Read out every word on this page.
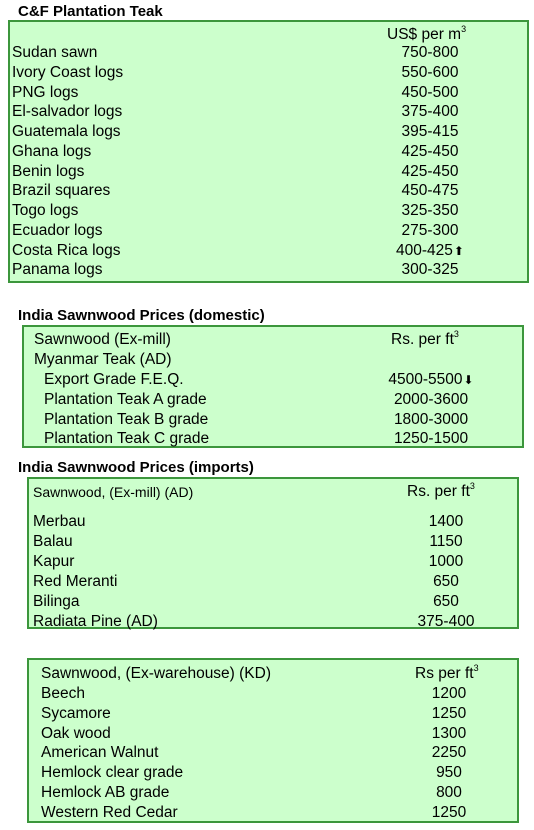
C&F Plantation Teak
US$ per $m^3$
Sudan sawn	750-800
Ivory Coast logs	550-600
PNG logs	450-500
El-salvador logs	375-400
Guatemala logs	395-415
Ghana logs	425-450
Benin logs	425-450
Brazil squares	450-475
Togo logs	325-350
Ecuador logs	275-300
Costa Rica logs	400-425⬆
Panama logs	300-325
India Sawnwood Prices (domestic)
Sawnwood (Ex-mill)	Rs. per $ft^3$
Myanmar Teak (AD)
Export Grade F.E.Q.	4500-5500⬇
Plantation Teak A grade	2000-3600
Plantation Teak B grade	1800-3000
Plantation Teak C grade	1250-1500
India Sawnwood Prices (imports)
Sawnwood, (Ex-mill) (AD)	Rs. per $ft^3$
Merbau	1400
Balau	1150
Kapur	1000
Red Meranti	650
Bilinga	650
Radiata Pine (AD)	375-400
Sawnwood, (Ex-warehouse) (KD)	Rs per $ft^3$
Beech	1200
Sycamore	1250
Oak wood	1300
American Walnut	2250
Hemlock clear grade	950
Hemlock AB grade	800
Western Red Cedar	1250
